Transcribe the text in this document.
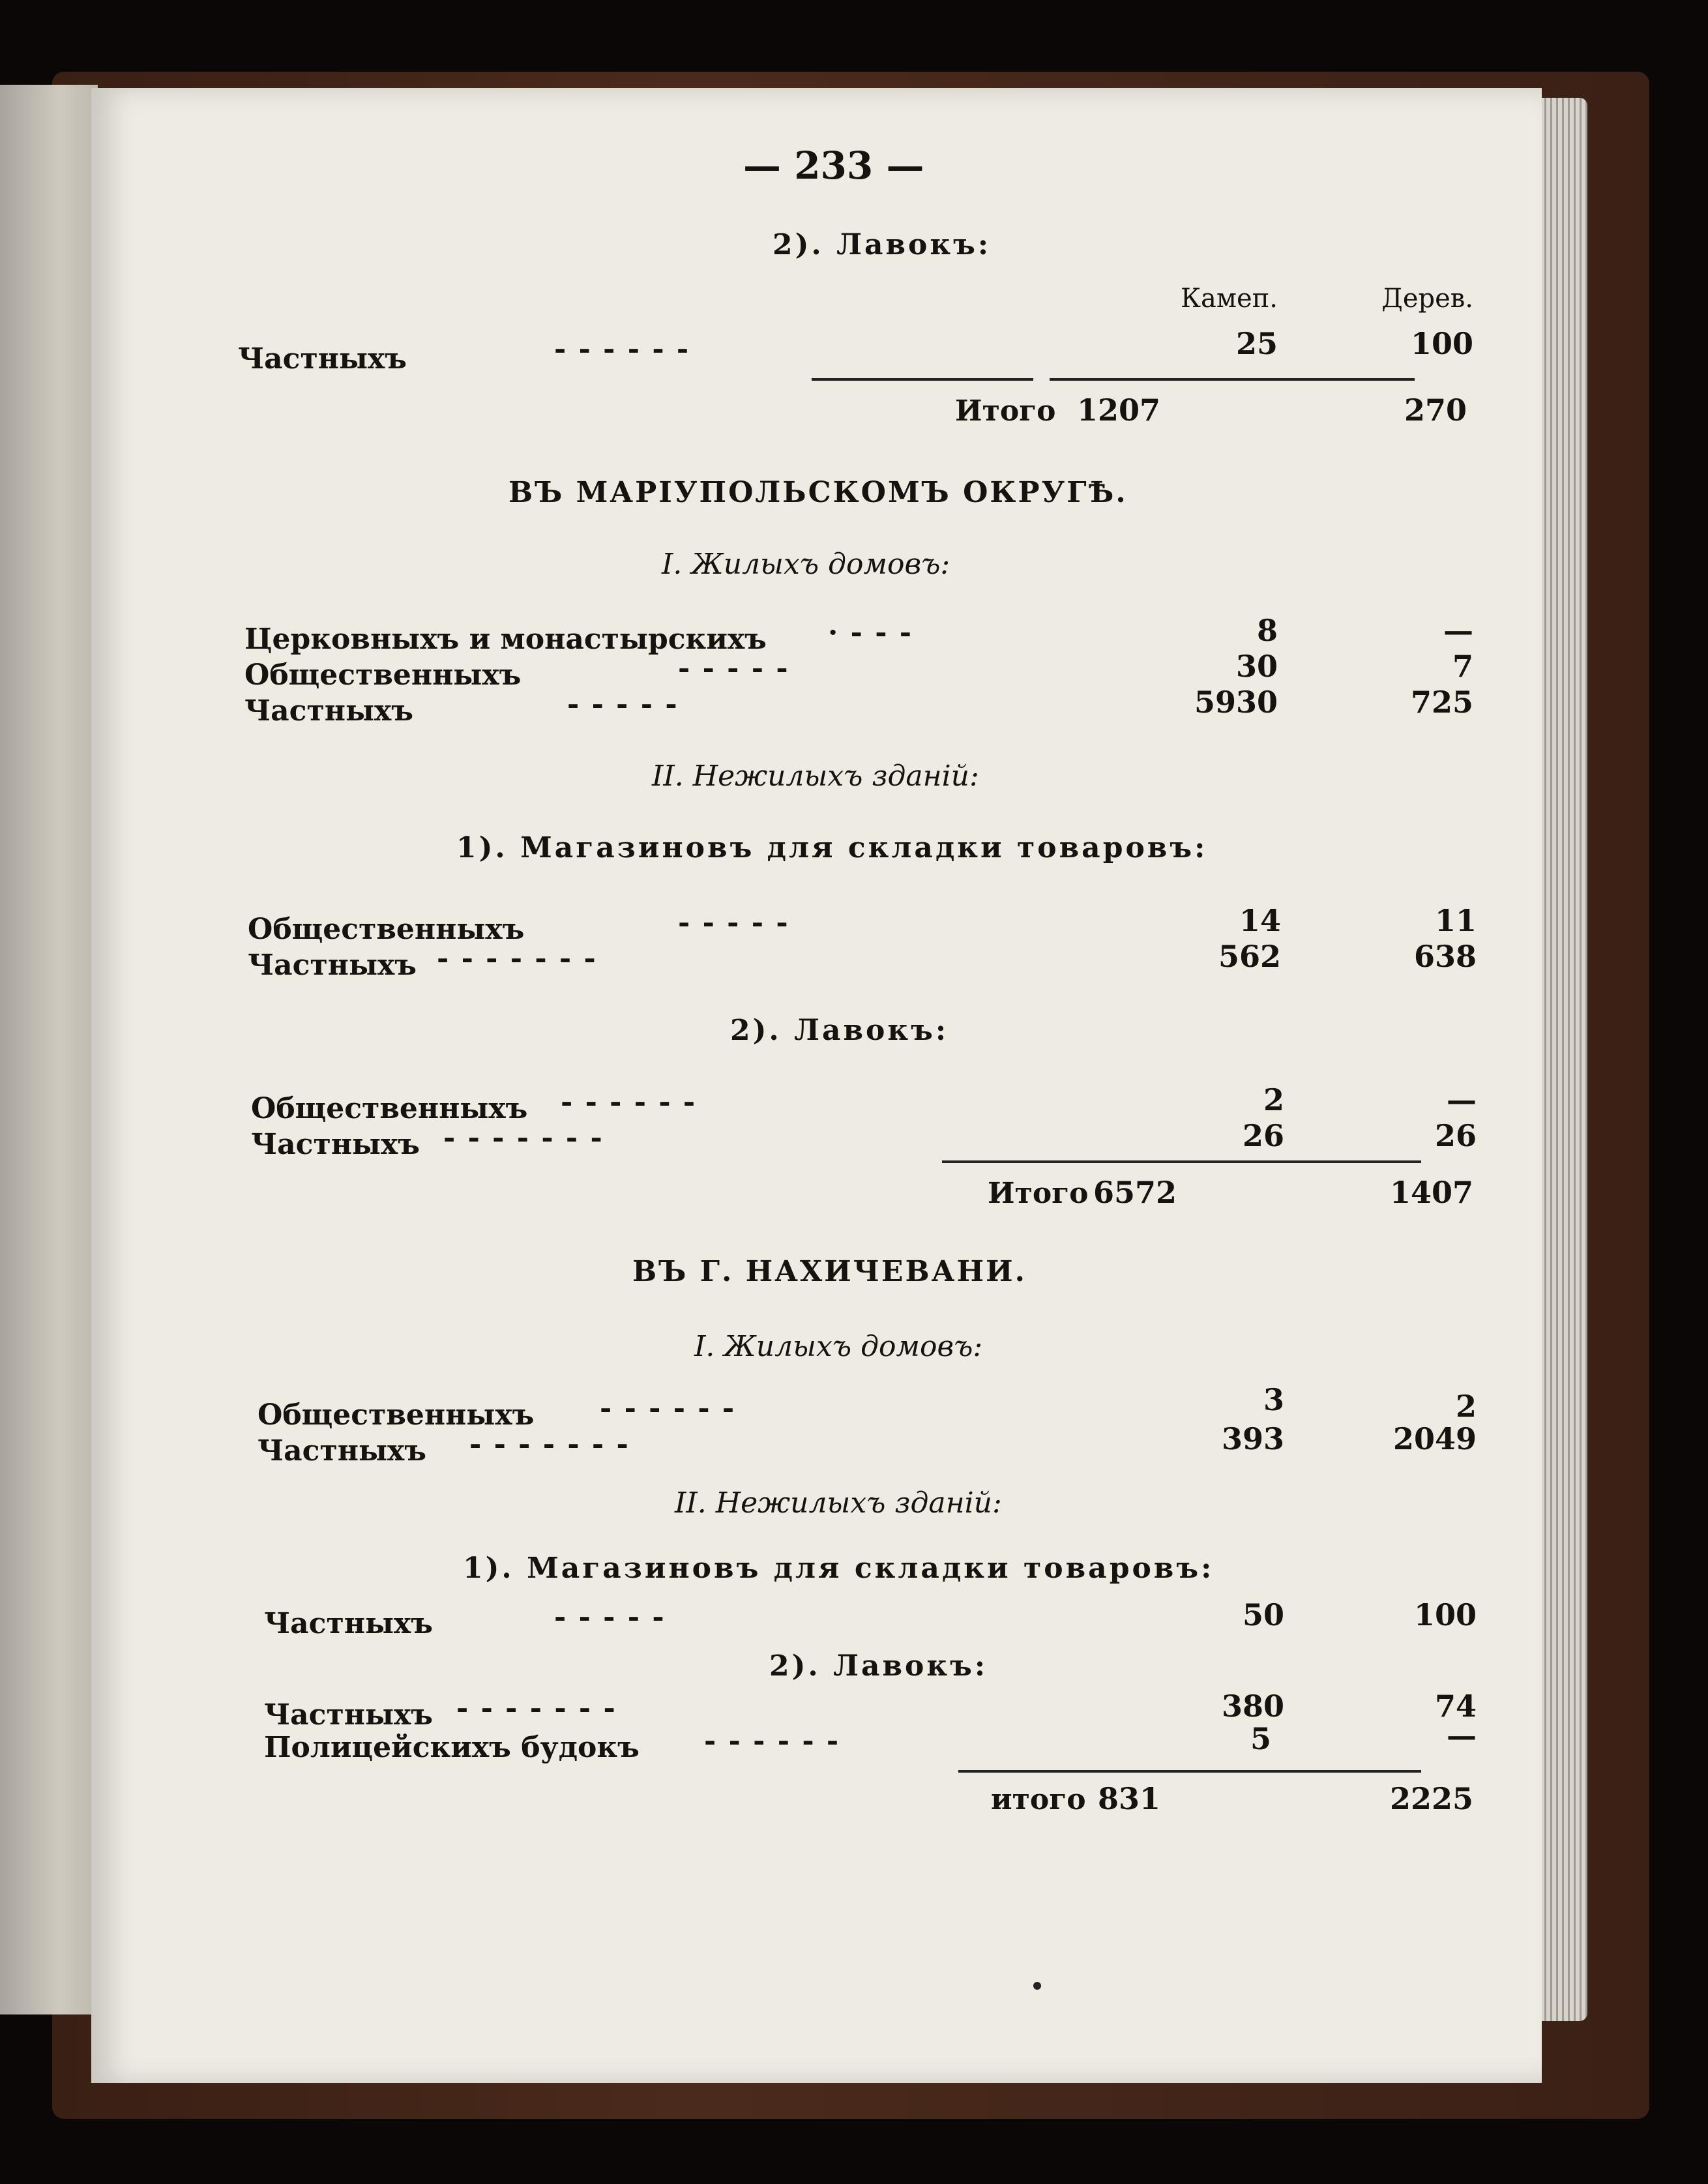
— 233 —
2). Лавокъ:
Камеп.	Дерев.
Частныхъ	- - - - - -	25	100
Итого 1207	270
ВЪ МАРІУПОЛЬСКОМЪ ОКРУГѢ.
I. Жилыхъ домовъ:
Церковныхъ и монастырскихъ · - - -	8	—
Общественныхъ	- - - - -	30	7
Частныхъ	- - - - -	5930	725
II. Нежилыхъ зданій:
1). Магазиновъ для складки товаровъ:
Общественныхъ	- - - - -	14	11
Частныхъ - - - - - - -	562	638
2). Лавокъ:
Общественныхъ - - - - - -	2	—
Частныхъ - - - - - - -	26	26
Итого 6572	1407
ВЪ Г. НАХИЧЕВАНИ.
I. Жилыхъ домовъ:
Общественныхъ - - - - - -	3	2
Частныхъ - - - - - - -	393	2049
II. Нежилыхъ зданій:
1). Магазиновъ для складки товаровъ:
Частныхъ	- - - - -	50	100
2). Лавокъ:
Частныхъ - - - - - - -	380	74
Полицейскихъ будокъ - - - - - -	5	—
итого 831	2225
